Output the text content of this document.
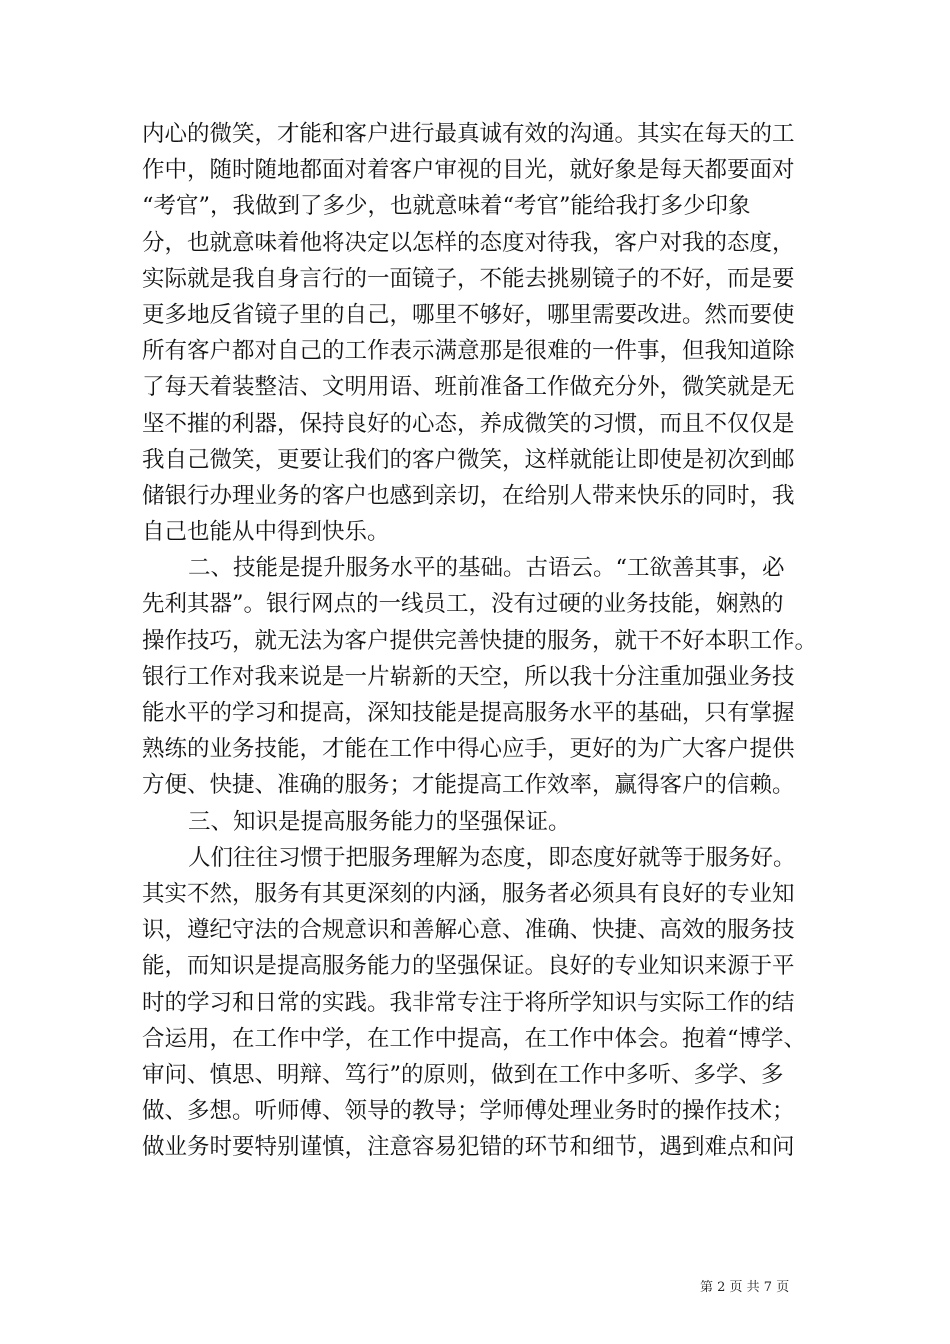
内心的微笑，才能和客户进行最真诚有效的沟通。其实在每天的工
作中，随时随地都面对着客户审视的目光，就好象是每天都要面对
“考官”，我做到了多少，也就意味着“考官”能给我打多少印象
分，也就意味着他将决定以怎样的态度对待我，客户对我的态度，
实际就是我自身言行的一面镜子，不能去挑剔镜子的不好，而是要
更多地反省镜子里的自己，哪里不够好，哪里需要改进。然而要使
所有客户都对自己的工作表示满意那是很难的一件事，但我知道除
了每天着装整洁、文明用语、班前准备工作做充分外，微笑就是无
坚不摧的利器，保持良好的心态，养成微笑的习惯，而且不仅仅是
我自己微笑，更要让我们的客户微笑，这样就能让即使是初次到邮
储银行办理业务的客户也感到亲切，在给别人带来快乐的同时，我
自己也能从中得到快乐。
二、技能是提升服务水平的基础。古语云。“工欲善其事，必
先利其器”。银行网点的一线员工，没有过硬的业务技能，娴熟的
操作技巧，就无法为客户提供完善快捷的服务，就干不好本职工作。
银行工作对我来说是一片崭新的天空，所以我十分注重加强业务技
能水平的学习和提高，深知技能是提高服务水平的基础，只有掌握
熟练的业务技能，才能在工作中得心应手，更好的为广大客户提供
方便、快捷、准确的服务；才能提高工作效率，赢得客户的信赖。
三、知识是提高服务能力的坚强保证。
人们往往习惯于把服务理解为态度，即态度好就等于服务好。
其实不然，服务有其更深刻的内涵，服务者必须具有良好的专业知
识，遵纪守法的合规意识和善解心意、准确、快捷、高效的服务技
能，而知识是提高服务能力的坚强保证。良好的专业知识来源于平
时的学习和日常的实践。我非常专注于将所学知识与实际工作的结
合运用，在工作中学，在工作中提高，在工作中体会。抱着“博学、
审问、慎思、明辩、笃行”的原则，做到在工作中多听、多学、多
做、多想。听师傅、领导的教导；学师傅处理业务时的操作技术；
做业务时要特别谨慎，注意容易犯错的环节和细节，遇到难点和问
第 2 页 共 7 页
